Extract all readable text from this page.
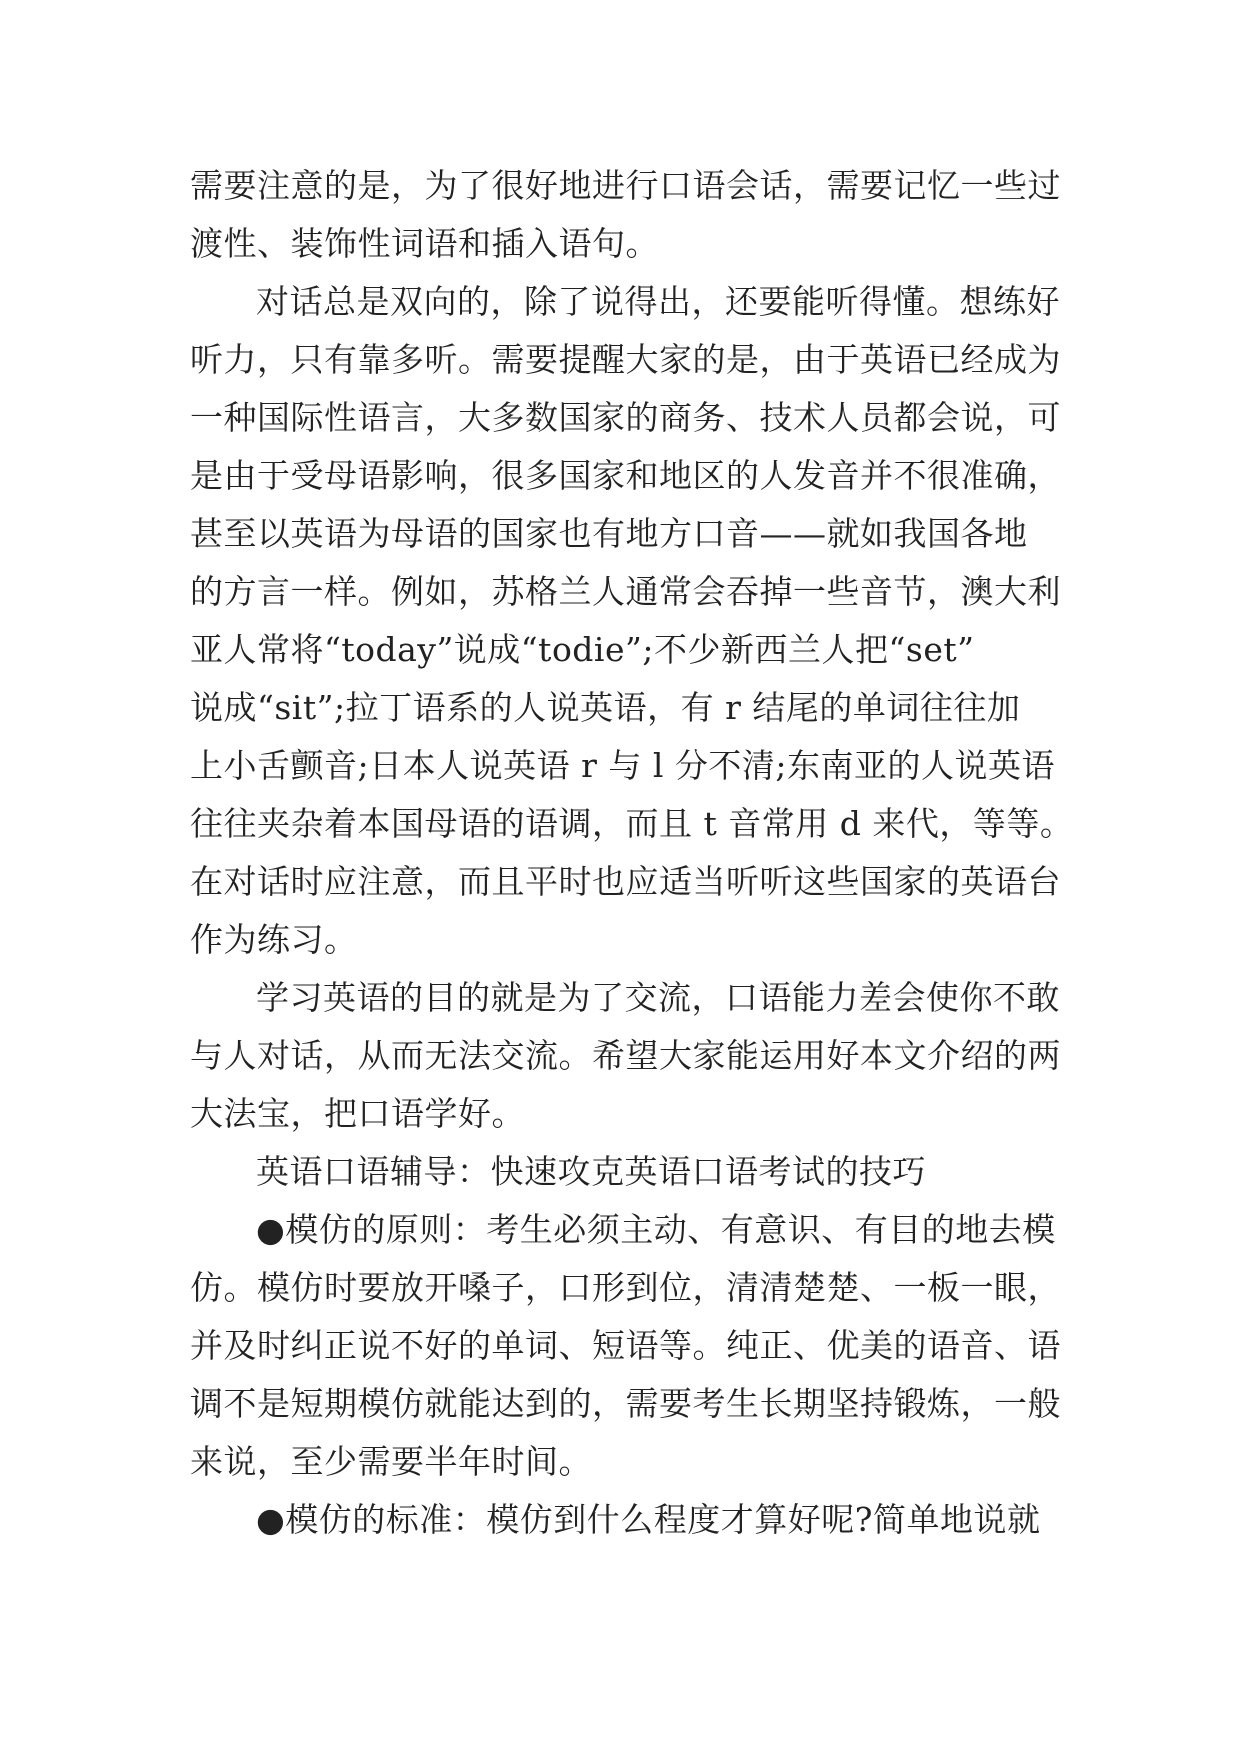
需要注意的是，为了很好地进行口语会话，需要记忆一些过
渡性、装饰性词语和插入语句。
对话总是双向的，除了说得出，还要能听得懂。想练好
听力，只有靠多听。需要提醒大家的是，由于英语已经成为
一种国际性语言，大多数国家的商务、技术人员都会说，可
是由于受母语影响，很多国家和地区的人发音并不很准确，
甚至以英语为母语的国家也有地方口音——就如我国各地
的方言一样。例如，苏格兰人通常会吞掉一些音节，澳大利
亚人常将“today”说成“todie”;不少新西兰人把“set”
说成“sit”;拉丁语系的人说英语，有 r 结尾的单词往往加
上小舌颤音;日本人说英语 r 与 l 分不清;东南亚的人说英语
往往夹杂着本国母语的语调，而且 t 音常用 d 来代，等等。
在对话时应注意，而且平时也应适当听听这些国家的英语台
作为练习。
学习英语的目的就是为了交流，口语能力差会使你不敢
与人对话，从而无法交流。希望大家能运用好本文介绍的两
大法宝，把口语学好。
英语口语辅导：快速攻克英语口语考试的技巧
●模仿的原则：考生必须主动、有意识、有目的地去模
仿。模仿时要放开嗓子，口形到位，清清楚楚、一板一眼，
并及时纠正说不好的单词、短语等。纯正、优美的语音、语
调不是短期模仿就能达到的，需要考生长期坚持锻炼，一般
来说，至少需要半年时间。
●模仿的标准：模仿到什么程度才算好呢?简单地说就
